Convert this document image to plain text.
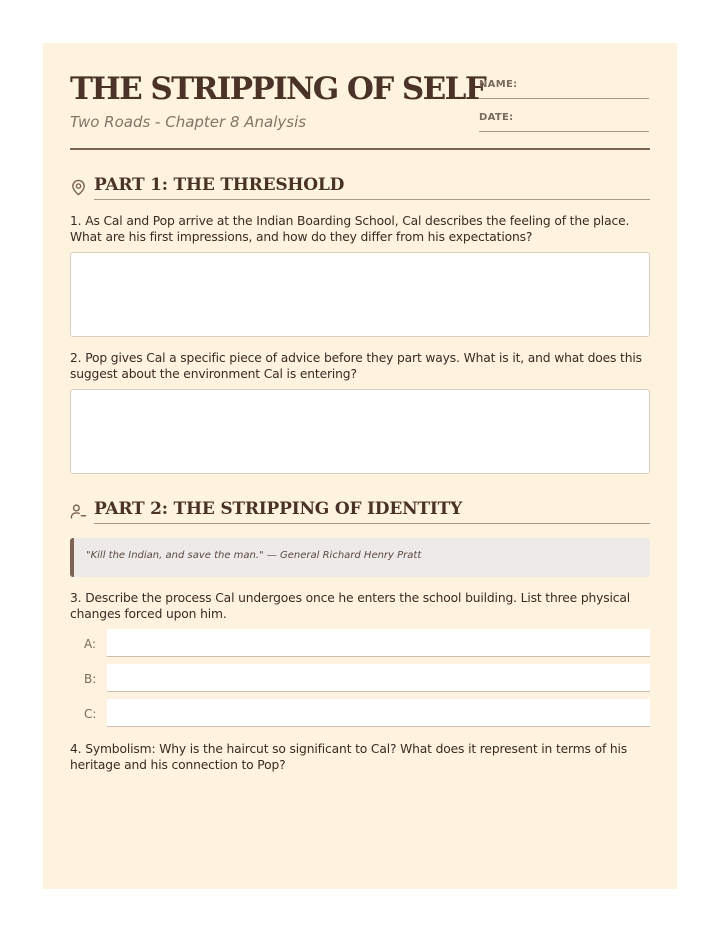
THE STRIPPING OF SELF
Two Roads - Chapter 8 Analysis
NAME:
DATE:
PART 1: THE THRESHOLD
1. As Cal and Pop arrive at the Indian Boarding School, Cal describes the feeling of the place. What are his first impressions, and how do they differ from his expectations?
2. Pop gives Cal a specific piece of advice before they part ways. What is it, and what does this suggest about the environment Cal is entering?
PART 2: THE STRIPPING OF IDENTITY
"Kill the Indian, and save the man." — General Richard Henry Pratt
3. Describe the process Cal undergoes once he enters the school building. List three physical changes forced upon him.
A:
B:
C:
4. Symbolism: Why is the haircut so significant to Cal? What does it represent in terms of his heritage and his connection to Pop?
